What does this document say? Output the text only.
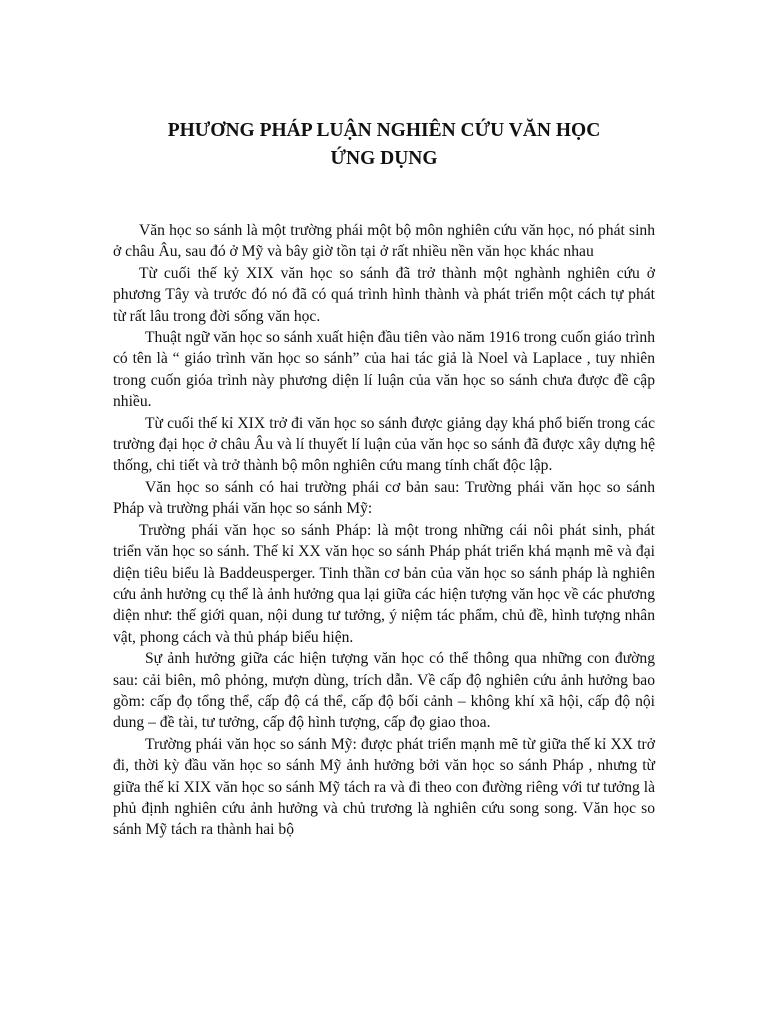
PHƯƠNG PHÁP LUẬN NGHIÊN CỨU VĂN HỌC
ỨNG DỤNG

Văn học so sánh là một trường phái một bộ môn nghiên cứu văn học, nó phát sinh ở châu Âu, sau đó ở Mỹ và bây giờ tồn tại ở rất nhiều nền văn học khác nhau

Từ cuối thế kỷ XIX văn học so sánh đã trở thành một nghành nghiên cứu ở phương Tây và trước đó nó đã có quá trình hình thành và phát triển một cách tự phát từ rất lâu trong đời sống văn học.

Thuật ngữ văn học so sánh xuất hiện đầu tiên vào năm 1916 trong cuốn giáo trình có tên là “ giáo trình văn học so sánh” của hai tác giả là Noel và Laplace , tuy nhiên trong cuốn gióa trình này phương diện lí luận của văn học so sánh chưa được đề cập nhiều.

Từ cuối thế kỉ XIX trở đi văn học so sánh được giảng dạy khá phổ biến trong các trường đại học ở châu Âu và lí thuyết lí luận của văn học so sánh đã được xây dựng hệ thống, chi tiết và trở thành bộ môn nghiên cứu mang tính chất độc lập.

Văn học so sánh có hai trường phái cơ bản sau: Trường phái văn học so sánh Pháp và trường phái văn học so sánh Mỹ:

Trường phái văn học so sánh Pháp: là một trong những cái nôi phát sinh, phát triển văn học so sánh. Thế kỉ XX văn học so sánh Pháp phát triển khá mạnh mẽ và đại diện tiêu biểu là Baddeusperger. Tinh thần cơ bản của văn học so sánh pháp là nghiên cứu ảnh hưởng cụ thể là ảnh hưởng qua lại giữa các hiện tượng văn học về các phương diện như: thế giới quan, nội dung tư tưởng, ý niệm tác phẩm, chủ đề, hình tượng nhân vật, phong cách và thủ pháp biểu hiện.

Sự ảnh hưởng giữa các hiện tượng văn học có thể thông qua những con đường sau: cải biên, mô phỏng, mượn dùng, trích dẫn. Về cấp độ nghiên cứu ảnh hưởng bao gồm: cấp đọ tổng thể, cấp độ cá thể, cấp độ bối cảnh – không khí xã hội, cấp độ nội dung – đề tài, tư tưởng, cấp độ hình tượng, cấp đọ giao thoa.

Trường phái văn học so sánh Mỹ: được phát triển mạnh mẽ từ giữa thế kỉ XX trở đi, thời kỳ đầu văn học so sánh Mỹ ảnh hưởng bởi văn học so sánh Pháp , nhưng từ giữa thế kỉ XIX văn học so sánh Mỹ tách ra và đi theo con đường riêng với tư tưởng là phủ định nghiên cứu ảnh hưởng và chủ trương là nghiên cứu song song. Văn học so sánh Mỹ tách ra thành hai bộ
